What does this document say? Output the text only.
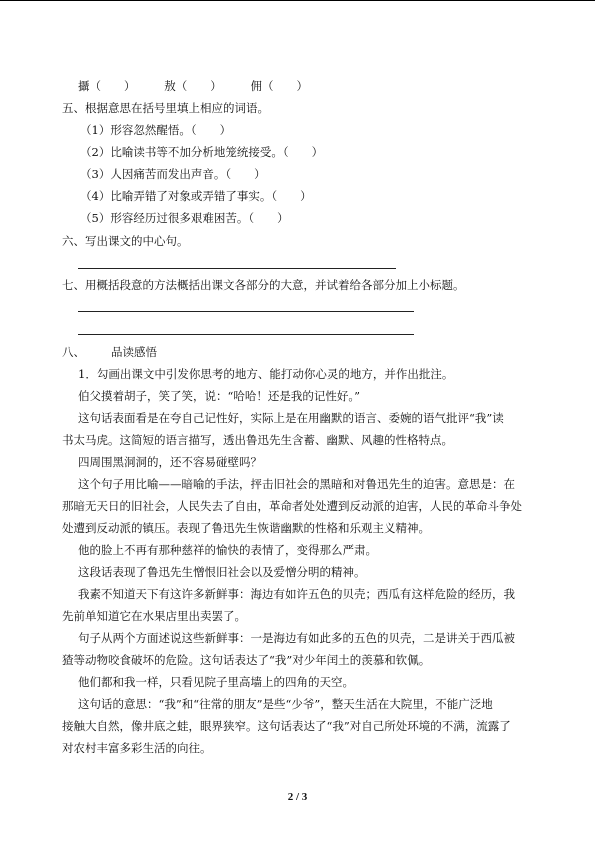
攝（　　）　　　敖（　　）　　　佣（　　）
五、根据意思在括号里填上相应的词语。
（1）形容忽然醒悟。（　　）
（2）比喻读书等不加分析地笼统接受。（　　）
（3）人因痛苦而发出声音。（　　）
（4）比喻弄错了对象或弄错了事实。（　　）
（5）形容经历过很多艰难困苦。（　　）
六、写出课文的中心句。
七、用概括段意的方法概括出课文各部分的大意，并试着给各部分加上小标题。
八、 品读感悟
1．勾画出课文中引发你思考的地方、能打动你心灵的地方，并作出批注。
伯父摸着胡子，笑了笑，说：“哈哈！还是我的记性好。”
这句话表面看是在夸自己记性好，实际上是在用幽默的语言、委婉的语气批评“我”读
书太马虎。这简短的语言描写，透出鲁迅先生含蓄、幽默、风趣的性格特点。
四周围黑洞洞的，还不容易碰壁吗？
这个句子用比喻——暗喻的手法，抨击旧社会的黑暗和对鲁迅先生的迫害。意思是：在
那暗无天日的旧社会，人民失去了自由，革命者处处遭到反动派的迫害，人民的革命斗争处
处遭到反动派的镇压。表现了鲁迅先生恢谐幽默的性格和乐观主义精神。
他的脸上不再有那种慈祥的愉快的表情了，变得那么严肃。
这段话表现了鲁迅先生憎恨旧社会以及爱憎分明的精神。
我素不知道天下有这许多新鲜事：海边有如许五色的贝壳；西瓜有这样危险的经历，我
先前单知道它在水果店里出卖罢了。
句子从两个方面述说这些新鲜事：一是海边有如此多的五色的贝壳，二是讲关于西瓜被
猹等动物咬食破坏的危险。这句话表达了“我”对少年闰土的羡慕和钦佩。
他们都和我一样，只看见院子里高墙上的四角的天空。
这句话的意思：“我”和“往常的朋友”是些“少爷”，整天生活在大院里，不能广泛地
接触大自然，像井底之蛙，眼界狭窄。这句话表达了“我”对自己所处环境的不满，流露了
对农村丰富多彩生活的向往。
2 / 3
